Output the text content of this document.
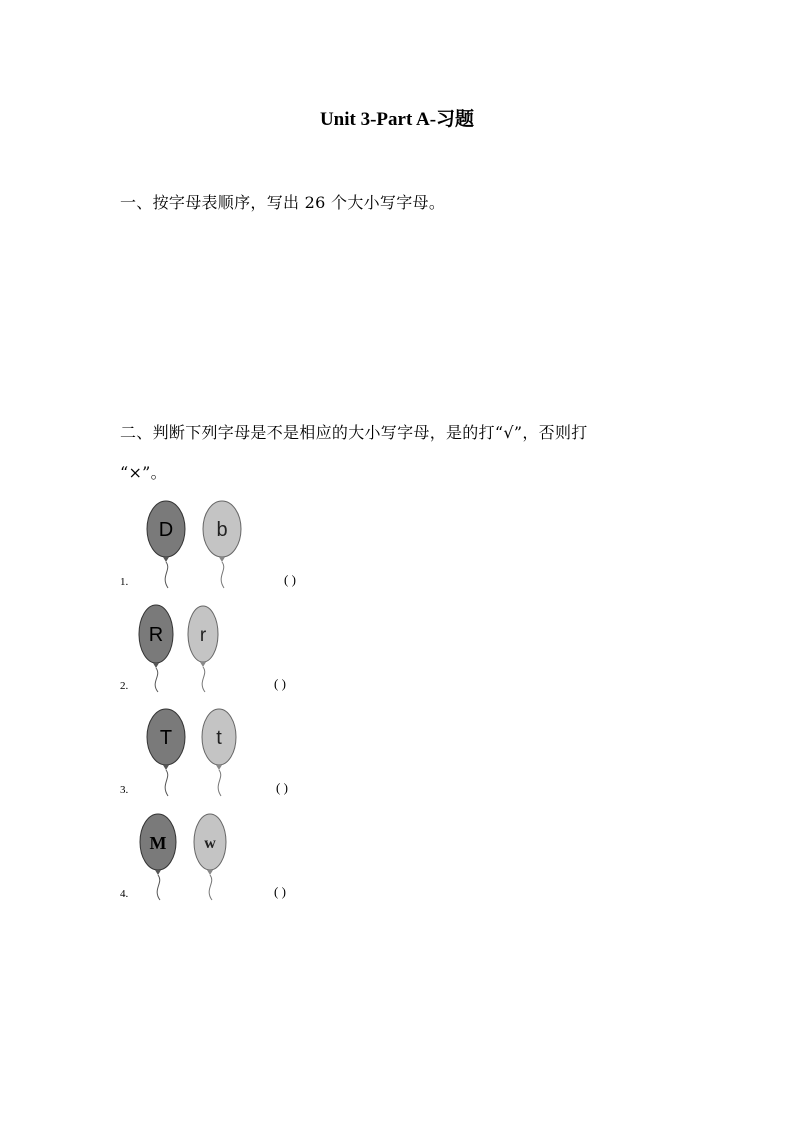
Unit 3-Part A-习题
一、按字母表顺序，写出 26 个大小写字母。
二、判断下列字母是不是相应的大小写字母，是的打“√”，否则打
“×”。
D b
1.	( )
R r
2.	( )
T t
3.	( )
M w
4.	( )
